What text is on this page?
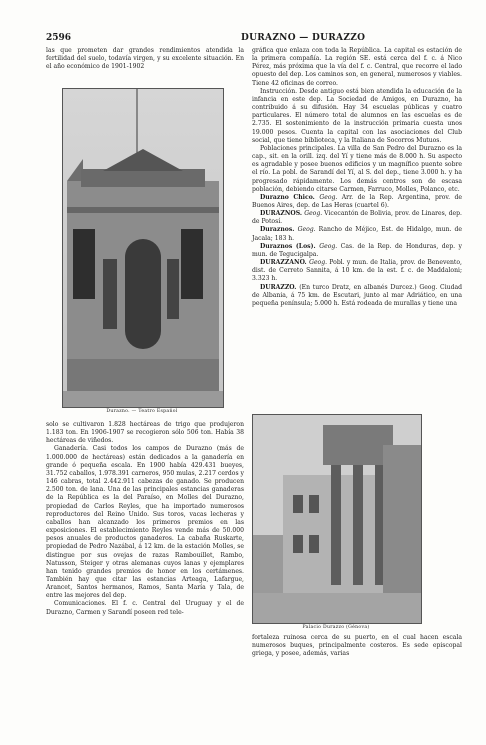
2596	DURAZNO — DURAZZO

las que prometen dar grandes rendimientos atendida la fertilidad del suelo, todavía virgen, y su excelente situación. En el año económico de 1901-1902

Durazno. — Teatro Español

solo se cultivaron 1.828 hectáreas de trigo que produjeron 1.183 ton. En 1906-1907 se recogieron sólo 506 ton. Había 38 hectáreas de viñedos.

Ganadería. Casi todos los campos de Durazno (más de 1.000.000 de hectáreas) están dedicados a la ganadería en grande ó pequeña escala. En 1900 había 429.431 bueyes, 31.752 caballos, 1.978.391 carneros, 950 mulas, 2.217 cerdos y 146 cabras, total 2.442.911 cabezas de ganado. Se producen 2.500 ton. de lana. Una de las principales estancias ganaderas de la República es la del Paraíso, en Molles del Durazno, propiedad de Carlos Reyles, que ha importado numerosos reproductores del Reino Unido. Sus toros, vacas lecheras y caballos han alcanzado los primeros premios en las exposiciones. El establecimiento Reyles vende más de 50.000 pesos anuales de productos ganaderos. La cabaña Ruskarte, propiedad de Pedro Nazábal, á 12 km. de la estación Molles, se distingue por sus ovejas de razas Rambouillet, Rambo, Natusson, Steiger y otras alemanas cuyos lanas y ejemplares han tenido grandes premios de honor en los certámenes. También hay que citar las estancias Arteaga, Lafargue, Arancet, Santos hermanos, Ramos, Santa María y Tala, de entre las mejores del dep.

Comunicaciones. El f. c. Central del Uruguay y el de Durazno, Carmen y Sarandí poseen red tele-

gráfica que enlaza con toda la República. La capital es estación de la primera compañía. La región SE. está cerca del f. c. á Nico Pérez, más próxima que la vía del f. c. Central, que recorre el lado opuesto del dep. Los caminos son, en general, numerosos y viables. Tiene 42 oficinas de correo.

Instrucción. Desde antiguo está bien atendida la educación de la infancia en este dep. La Sociedad de Amigos, en Durazno, ha contribuido á su difusión. Hay 34 escuelas públicas y cuatro particulares. El número total de alumnos en las escuelas es de 2.735. El sostenimiento de la instrucción primaria cuesta unos 19.000 pesos. Cuenta la capital con las asociaciones del Club social, que tiene biblioteca, y la Italiana de Socorros Mutuos.

Poblaciones principales. La villa de San Pedro del Durazno es la cap., sit. en la orill. izq. del Yí y tiene más de 8.000 h. Su aspecto es agradable y posee buenos edificios y un magnífico puente sobre el río. La pobl. de Sarandí del Yí, al S. del dep., tiene 3.000 h. y ha progresado rápidamente. Los demás centros son de escasa población, debiendo citarse Carmen, Farruco, Molles, Polanco, etc.

Durazno Chico. Geog. Arr. de la Rep. Argentina, prov. de Buenos Aires, dep. de Las Heras (cuartel 6).

DURAZNOS. Geog. Vicecantón de Bolivia, prov. de Linares, dep. de Potosí.

Duraznos. Geog. Rancho de Méjico, Est. de Hidalgo, mun. de Jacala; 183 h.

Duraznos (Los). Geog. Cas. de la Rep. de Honduras, dep. y mun. de Tegucigalpa.

DURAZZANO. Geog. Pobl. y mun. de Italia, prov. de Benevento, dist. de Cerreto Sannita, á 10 km. de la est. f. c. de Maddaloni; 3.323 h.

DURAZZO. (En turco Dratz, en albanés Durcez.) Geog. Ciudad de Albania, á 75 km. de Escutari, junto al mar Adriático, en una pequeña península; 5.000 h. Está rodeada de murallas y tiene una

Palacio Durazzo (Génova)

fortaleza ruinosa cerca de su puerto, en el cual hacen escala numerosos buques, principalmente costeros. Es sede episcopal griega, y posee, además, varias
